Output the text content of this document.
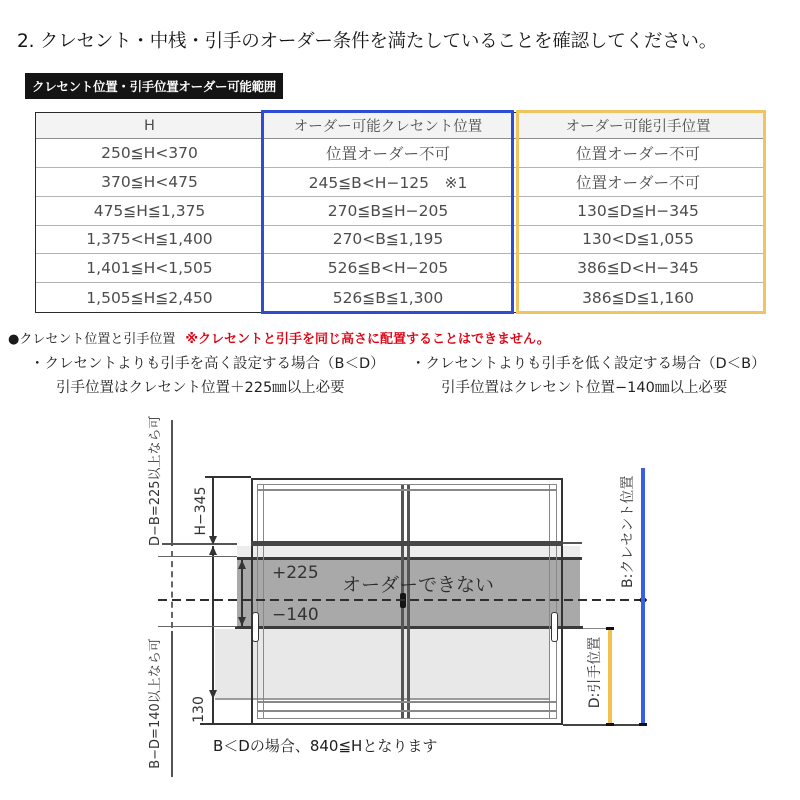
2. クレセント・中桟・引手のオーダー条件を満たしていることを確認してください。
クレセント位置・引手位置オーダー可能範囲
H	オーダー可能クレセント位置	オーダー可能引手位置
250≦H<370	位置オーダー不可	位置オーダー不可
370≦H<475	245≦B<H−125　※1	位置オーダー不可
475≦H≦1,375	270≦B≦H−205	130≦D≦H−345
1,375<H≦1,400	270<B≦1,195	130<D≦1,055
1,401≦H<1,505	526≦B<H−205	386≦D<H−345
1,505≦H≦2,450	526≦B≦1,300	386≦D≦1,160
●クレセント位置と引手位置 ※クレセントと引手を同じ高さに配置することはできません。
・クレセントよりも引手を高く設定する場合（B＜D） ・クレセントよりも引手を低く設定する場合（D＜B）
引手位置はクレセント位置＋225㎜以上必要	引手位置はクレセント位置−140㎜以上必要
+225
−140
オーダーできない
B＜Dの場合、840≦Hとなります
D−B=225以上なら可
B−D=140以上なら可
H−345
130
B:クレセント位置
D:引手位置
